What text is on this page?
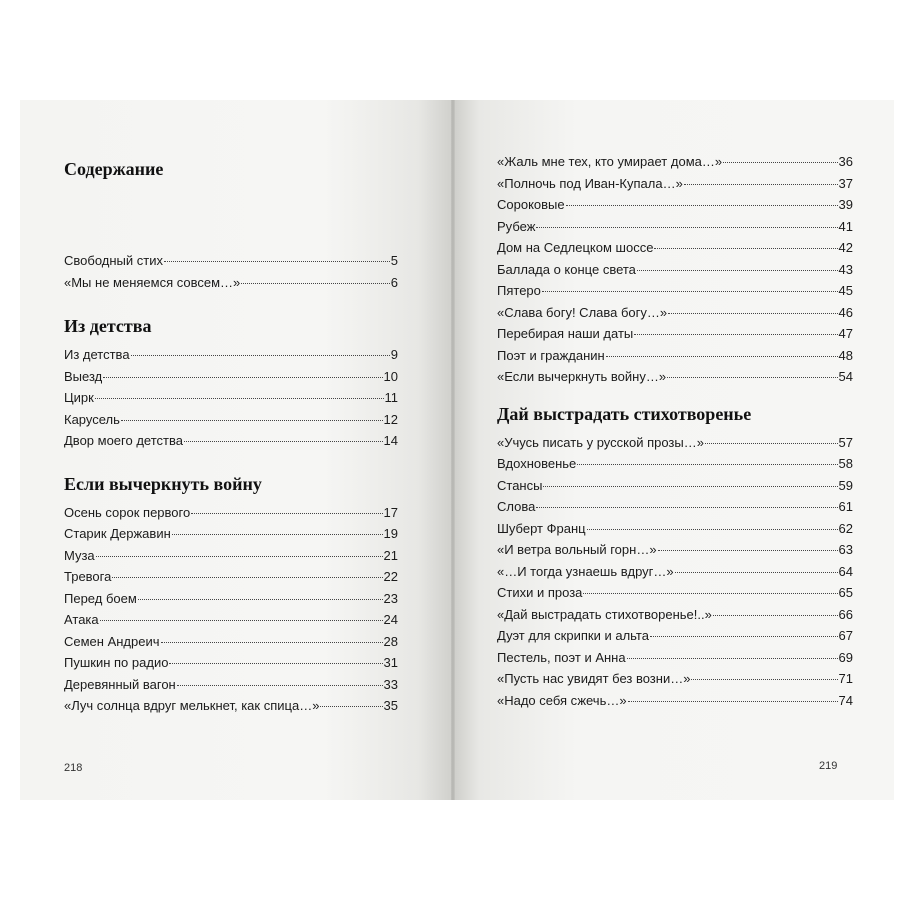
Содержание
Свободный стих	5
«Мы не меняемся совсем…»	6
Из детства
Из детства	9
Выезд	10
Цирк	11
Карусель	12
Двор моего детства	14
Если вычеркнуть войну
Осень сорок первого	17
Старик Державин	19
Муза	21
Тревога	22
Перед боем	23
Атака	24
Семен Андреич	28
Пушкин по радио	31
Деревянный вагон	33
«Луч солнца вдруг мелькнет, как спица…»	35
218
«Жаль мне тех, кто умирает дома…»	36
«Полночь под Иван-Купала…»	37
Сороковые	39
Рубеж	41
Дом на Седлецком шоссе	42
Баллада о конце света	43
Пятеро	45
«Слава богу! Слава богу…»	46
Перебирая наши даты	47
Поэт и гражданин	48
«Если вычеркнуть войну…»	54
Дай выстрадать стихотворенье
«Учусь писать у русской прозы…»	57
Вдохновенье	58
Стансы	59
Слова	61
Шуберт Франц	62
«И ветра вольный горн…»	63
«…И тогда узнаешь вдруг…»	64
Стихи и проза	65
«Дай выстрадать стихотворенье!..»	66
Дуэт для скрипки и альта	67
Пестель, поэт и Анна	69
«Пусть нас увидят без возни…»	71
«Надо себя сжечь…»	74
219
